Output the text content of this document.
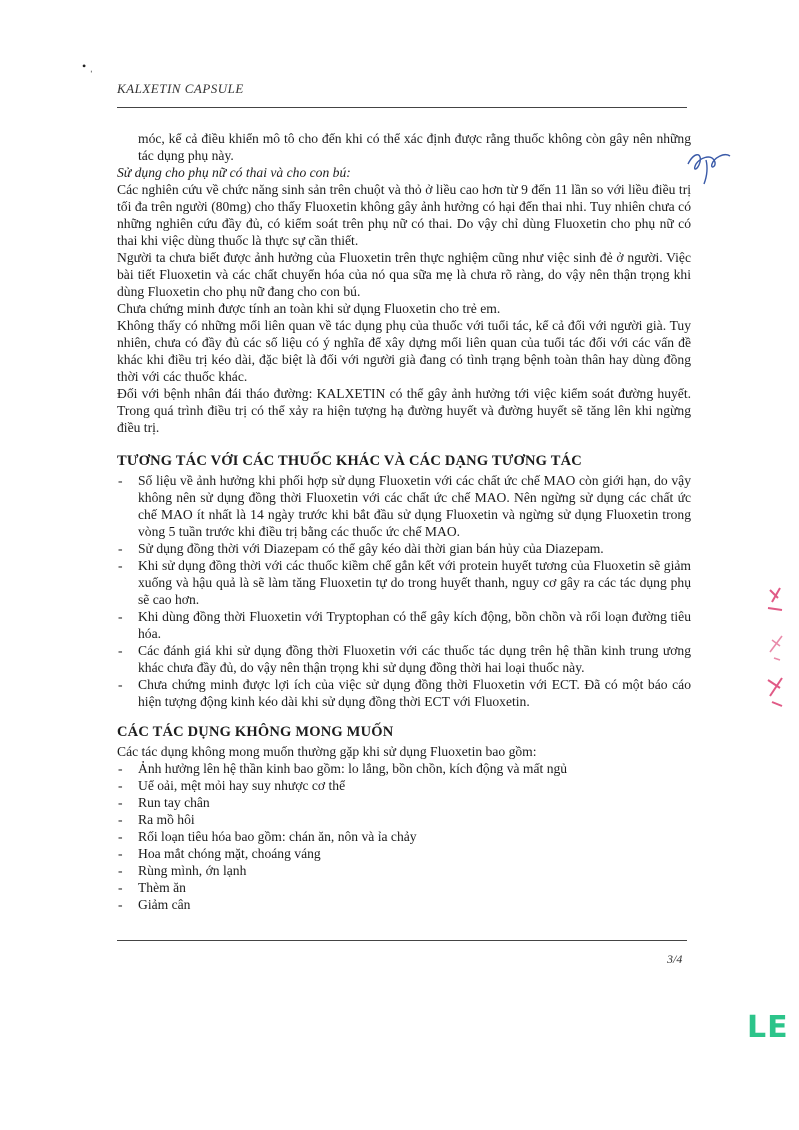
• ˌ
KALXETIN CAPSULE

móc, kể cả điều khiển mô tô cho đến khi có thể xác định được rằng thuốc không còn gây nên những tác dụng phụ này.

Sử dụng cho phụ nữ có thai và cho con bú:

Các nghiên cứu về chức năng sinh sản trên chuột và thỏ ở liều cao hơn từ 9 đến 11 lần so với liều điều trị tối đa trên người (80mg) cho thấy Fluoxetin không gây ảnh hưởng có hại đến thai nhi. Tuy nhiên chưa có những nghiên cứu đầy đủ, có kiểm soát trên phụ nữ có thai. Do vậy chỉ dùng Fluoxetin cho phụ nữ có thai khi việc dùng thuốc là thực sự cần thiết.

Người ta chưa biết được ảnh hưởng của Fluoxetin trên thực nghiệm cũng như việc sinh đẻ ở người. Việc bài tiết Fluoxetin và các chất chuyển hóa của nó qua sữa mẹ là chưa rõ ràng, do vậy nên thận trọng khi dùng Fluoxetin cho phụ nữ đang cho con bú.

Chưa chứng minh được tính an toàn khi sử dụng Fluoxetin cho trẻ em.

Không thấy có những mối liên quan về tác dụng phụ của thuốc với tuổi tác, kể cả đối với người già. Tuy nhiên, chưa có đầy đủ các số liệu có ý nghĩa để xây dựng mối liên quan của tuổi tác đối với các vấn đề khác khi điều trị kéo dài, đặc biệt là đối với người già đang có tình trạng bệnh toàn thân hay dùng đồng thời với các thuốc khác.

Đối với bệnh nhân đái tháo đường: KALXETIN có thể gây ảnh hưởng tới việc kiểm soát đường huyết. Trong quá trình điều trị có thể xảy ra hiện tượng hạ đường huyết và đường huyết sẽ tăng lên khi ngừng điều trị.

TƯƠNG TÁC VỚI CÁC THUỐC KHÁC VÀ CÁC DẠNG TƯƠNG TÁC
- Số liệu về ảnh hưởng khi phối hợp sử dụng Fluoxetin với các chất ức chế MAO còn giới hạn, do vậy không nên sử dụng đồng thời Fluoxetin với các chất ức chế MAO. Nên ngừng sử dụng các chất ức chế MAO ít nhất là 14 ngày trước khi bắt đầu sử dụng Fluoxetin và ngừng sử dụng Fluoxetin trong vòng 5 tuần trước khi điều trị bằng các thuốc ức chế MAO.
- Sử dụng đồng thời với Diazepam có thể gây kéo dài thời gian bán hủy của Diazepam.
- Khi sử dụng đồng thời với các thuốc kiềm chế gắn kết với protein huyết tương của Fluoxetin sẽ giảm xuống và hậu quả là sẽ làm tăng Fluoxetin tự do trong huyết thanh, nguy cơ gây ra các tác dụng phụ sẽ cao hơn.
- Khi dùng đồng thời Fluoxetin với Tryptophan có thể gây kích động, bồn chồn và rối loạn đường tiêu hóa.
- Các đánh giá khi sử dụng đồng thời Fluoxetin với các thuốc tác dụng trên hệ thần kinh trung ương khác chưa đầy đủ, do vậy nên thận trọng khi sử dụng đồng thời hai loại thuốc này.
- Chưa chứng minh được lợi ích của việc sử dụng đồng thời Fluoxetin với ECT. Đã có một báo cáo hiện tượng động kinh kéo dài khi sử dụng đồng thời ECT với Fluoxetin.
CÁC TÁC DỤNG KHÔNG MONG MUỐN

Các tác dụng không mong muốn thường gặp khi sử dụng Fluoxetin bao gồm:

- Ảnh hưởng lên hệ thần kinh bao gồm: lo lắng, bồn chồn, kích động và mất ngủ
- Uể oải, mệt mỏi hay suy nhược cơ thể
- Run tay chân
- Ra mồ hôi
- Rối loạn tiêu hóa bao gồm: chán ăn, nôn và ỉa chảy
- Hoa mắt chóng mặt, choáng váng
- Rùng mình, ớn lạnh
- Thèm ăn
- Giảm cân
3/4
LE
